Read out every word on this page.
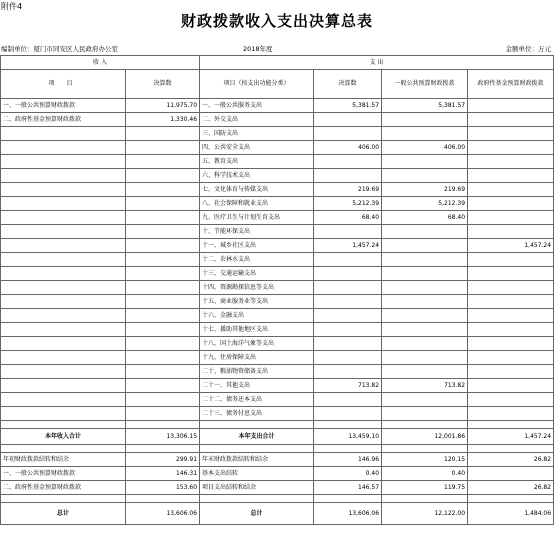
附件4
财政拨款收入支出决算总表
编制单位：厦门市同安区人民政府办公室	2018年度	金额单位：万元
收 入		支 出			
项 目	决算数	项目（按支出功能分类）	决算数	一般公共预算财政拨款	政府性基金预算财政拨款
一、一般公共预算财政拨款	11,975.70	一、一般公共服务支出	5,381.57	5,381.57	
二、政府性基金预算财政拨款	1,330.46	二、外交支出			
		三、国防支出			
		四、公共安全支出	406.00	406.00	
		五、教育支出			
		六、科学技术支出			
		七、文化体育与传媒支出	219.69	219.69	
		八、社会保障和就业支出	5,212.39	5,212.39	
		九、医疗卫生与计划生育支出	68.40	68.40	
		十、节能环保支出			
		十一、城乡社区支出	1,457.24		1,457.24
		十二、农林水支出			
		十三、交通运输支出			
		十四、资源勘探信息等支出			
		十五、商业服务业等支出			
		十六、金融支出			
		十七、援助其他地区支出			
		十八、国土海洋气象等支出			
		十九、住房保障支出			
		二十、粮油物资储备支出			
		二十一、其他支出	713.82	713.82	
		二十二、债务还本支出			
		二十三、债务付息支出			

本年收入合计	13,306.15	本年支出合计	13,459.10	12,001.86	1,457.24

年初财政拨款结转和结余	299.91	年末财政拨款结转和结余	146.96	120.15	26.82
一、一般公共预算财政拨款	146.31	基本支出结转	0.40	0.40	
二、政府性基金预算财政拨款	153.60	项目支出结转和结余	146.57	119.75	26.82

总计	13,606.06	总计	13,606.06	12,122.00	1,484.06
